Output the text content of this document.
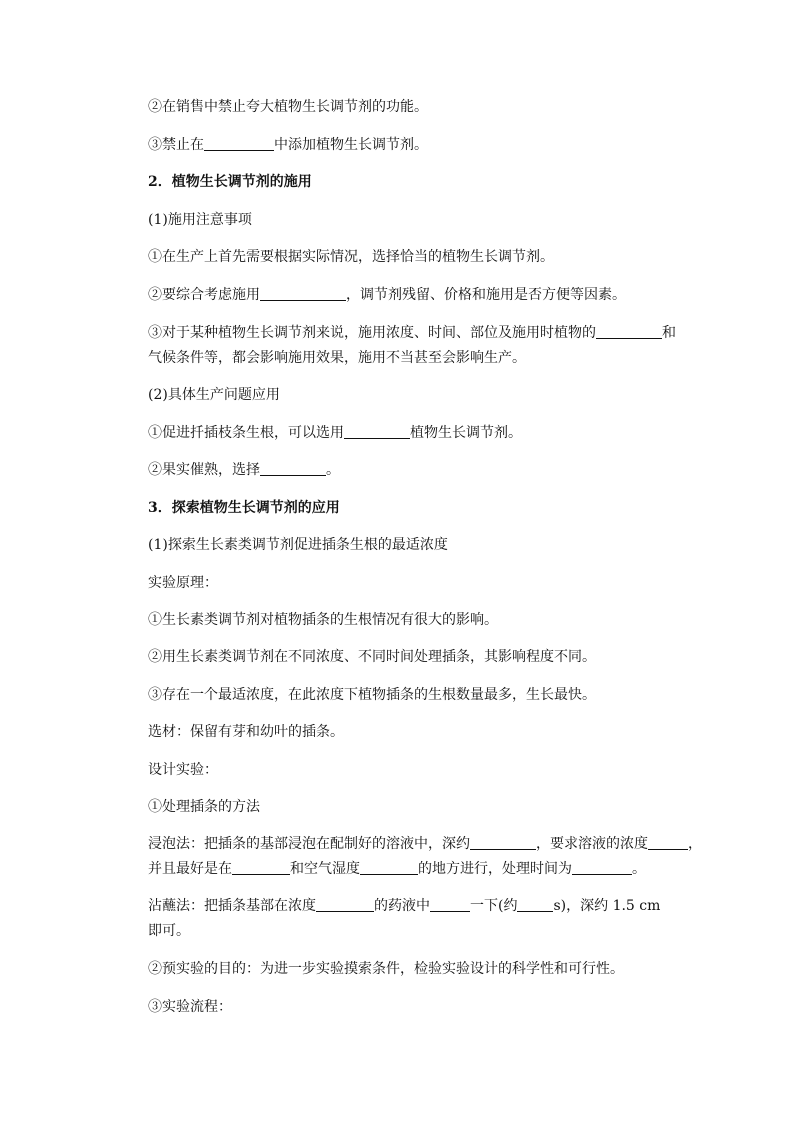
②在销售中禁止夸大植物生长调节剂的功能。
③禁止在	中添加植物生长调节剂。
2．植物生长调节剂的施用
(1)施用注意事项
①在生产上首先需要根据实际情况，选择恰当的植物生长调节剂。
②要综合考虑施用	，调节剂残留、价格和施用是否方便等因素。
③对于某种植物生长调节剂来说，施用浓度、时间、部位及施用时植物的	和
气候条件等，都会影响施用效果，施用不当甚至会影响生产。
(2)具体生产问题应用
①促进扦插枝条生根，可以选用	植物生长调节剂。
②果实催熟，选择	。
3．探索植物生长调节剂的应用
(1)探索生长素类调节剂促进插条生根的最适浓度
实验原理：
①生长素类调节剂对植物插条的生根情况有很大的影响。
②用生长素类调节剂在不同浓度、不同时间处理插条，其影响程度不同。
③存在一个最适浓度，在此浓度下植物插条的生根数量最多，生长最快。
选材：保留有芽和幼叶的插条。
设计实验：
①处理插条的方法
浸泡法：把插条的基部浸泡在配制好的溶液中，深约	，要求溶液的浓度	，
并且最好是在	和空气湿度	的地方进行，处理时间为	。
沾蘸法：把插条基部在浓度	的药液中	一下(约	s)，深约 1.5 cm
即可。
②预实验的目的：为进一步实验摸索条件，检验实验设计的科学性和可行性。
③实验流程：
